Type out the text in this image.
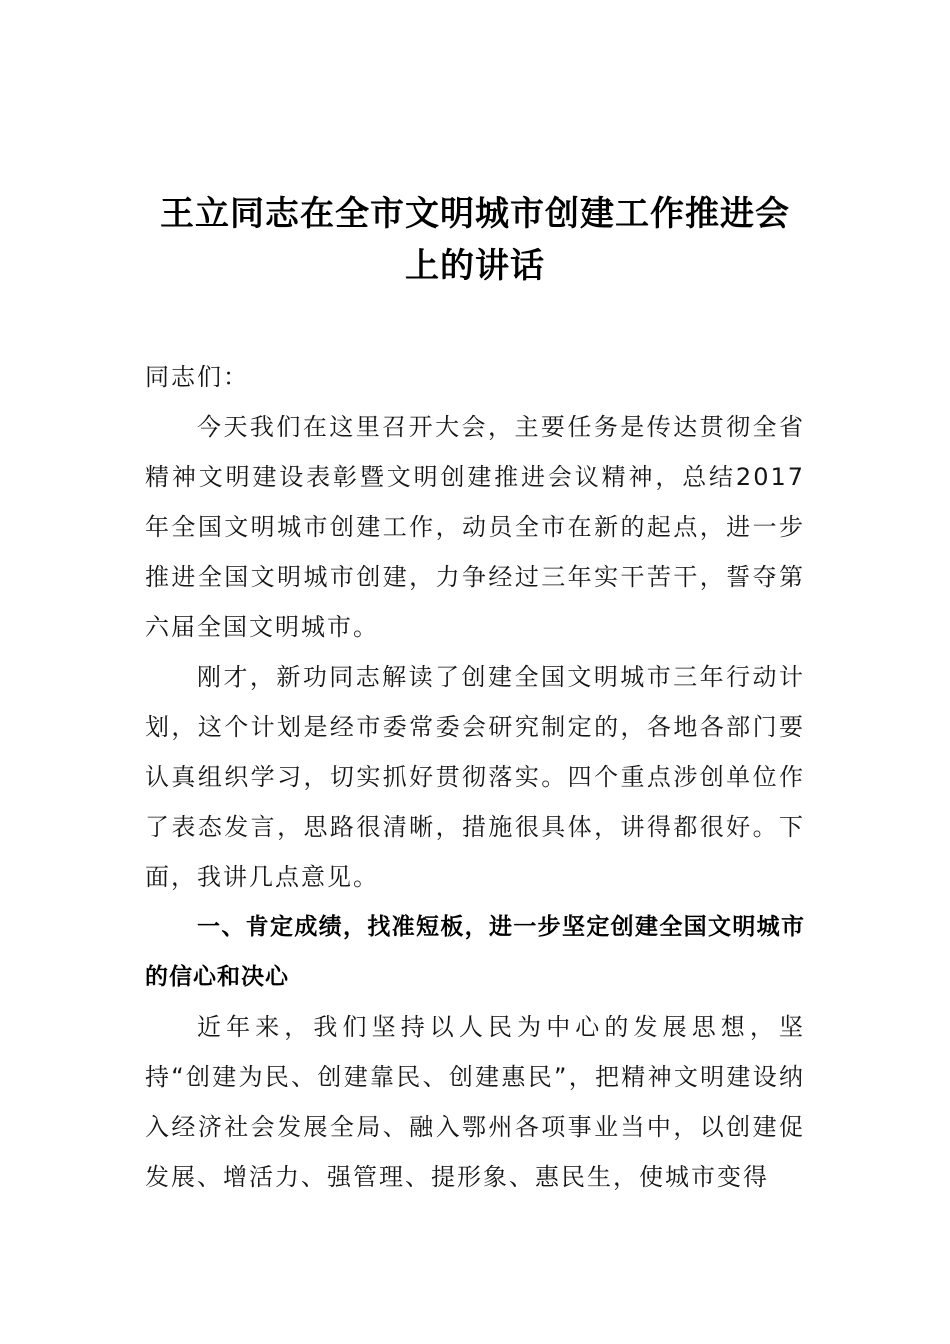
王立同志在全市文明城市创建工作推进会上的讲话

同志们：

今天我们在这里召开大会，主要任务是传达贯彻全省精神文明建设表彰暨文明创建推进会议精神，总结2017年全国文明城市创建工作，动员全市在新的起点，进一步推进全国文明城市创建，力争经过三年实干苦干，誓夺第六届全国文明城市。

刚才，新功同志解读了创建全国文明城市三年行动计划，这个计划是经市委常委会研究制定的，各地各部门要认真组织学习，切实抓好贯彻落实。四个重点涉创单位作了表态发言，思路很清晰，措施很具体，讲得都很好。下面，我讲几点意见。

一、肯定成绩，找准短板，进一步坚定创建全国文明城市的信心和决心

近年来，我们坚持以人民为中心的发展思想，坚持“创建为民、创建靠民、创建惠民”，把精神文明建设纳入经济社会发展全局、融入鄂州各项事业当中，以创建促发展、增活力、强管理、提形象、惠民生，使城市变得
